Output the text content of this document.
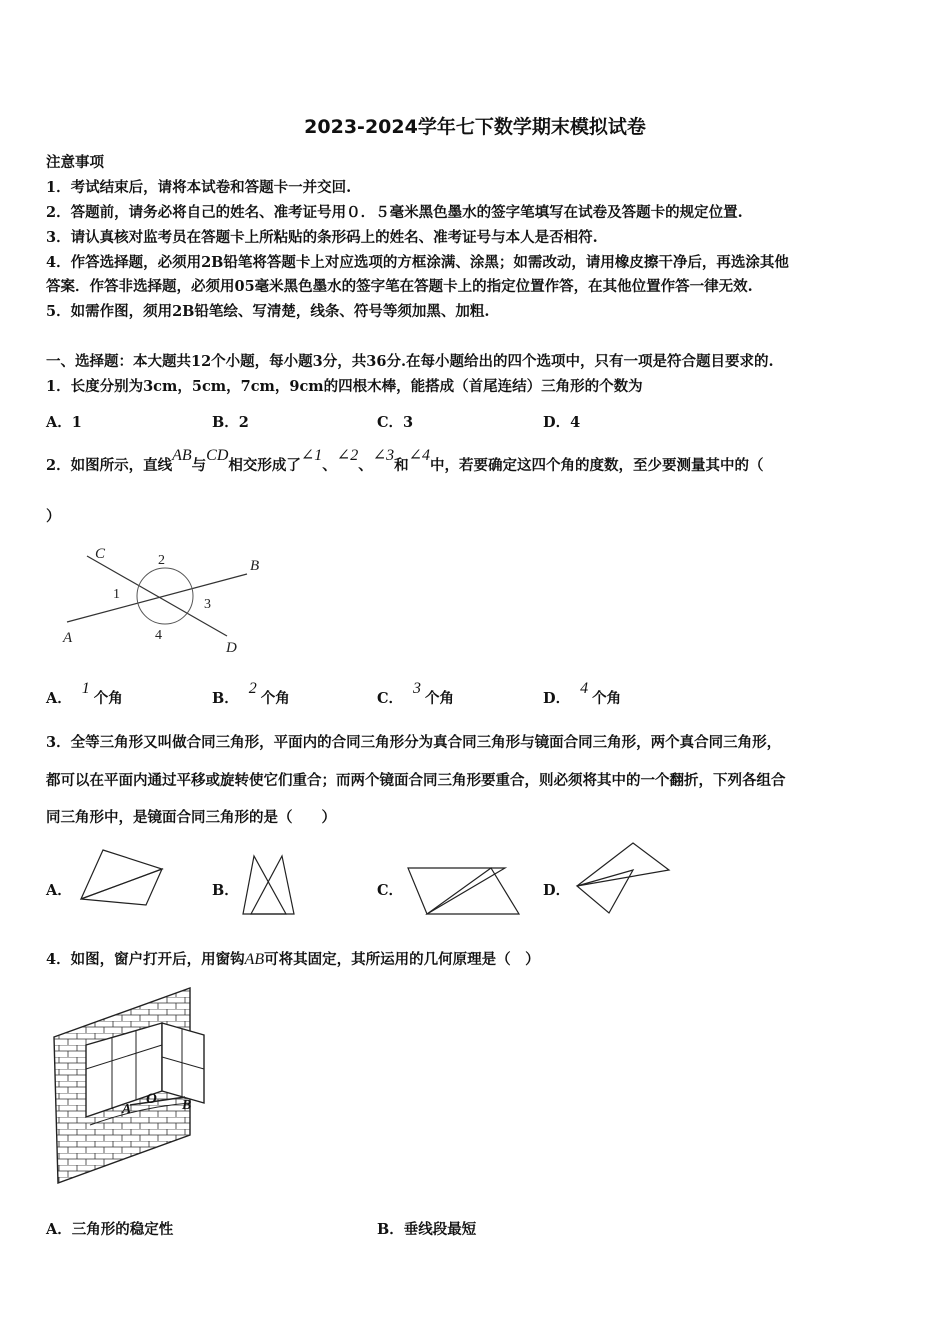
2023-2024学年七下数学期末模拟试卷
注意事项
1．考试结束后，请将本试卷和答题卡一并交回.
2．答题前，请务必将自己的姓名、准考证号用０．５毫米黑色墨水的签字笔填写在试卷及答题卡的规定位置.
3．请认真核对监考员在答题卡上所粘贴的条形码上的姓名、准考证号与本人是否相符.
4．作答选择题，必须用2B铅笔将答题卡上对应选项的方框涂满、涂黑；如需改动，请用橡皮擦干净后，再选涂其他
答案．作答非选择题，必须用05毫米黑色墨水的签字笔在答题卡上的指定位置作答，在其他位置作答一律无效.
5．如需作图，须用2B铅笔绘、写清楚，线条、符号等须加黑、加粗.
一、选择题：本大题共12个小题，每小题3分，共36分.在每小题给出的四个选项中，只有一项是符合题目要求的.
1．长度分别为3cm，5cm，7cm，9cm的四根木棒，能搭成（首尾连结）三角形的个数为
A．1	B．2	C．3	D．4
2．如图所示，直线AB与CD相交形成了∠1、∠2、∠3和∠4中，若要确定这四个角的度数，至少要测量其中的（
）
C
B
A
D
2
1
3
4
A．1个角	B．2个角	C．3个角	D．4个角
3．全等三角形又叫做合同三角形，平面内的合同三角形分为真合同三角形与镜面合同三角形，两个真合同三角形，
都可以在平面内通过平移或旋转使它们重合；而两个镜面合同三角形要重合，则必须将其中的一个翻折，下列各组合
同三角形中，是镜面合同三角形的是（　　）
A．	B．	C．	D．
4．如图，窗户打开后，用窗钩AB可将其固定，其所运用的几何原理是（　）
A
O B
A．三角形的稳定性	B．垂线段最短
